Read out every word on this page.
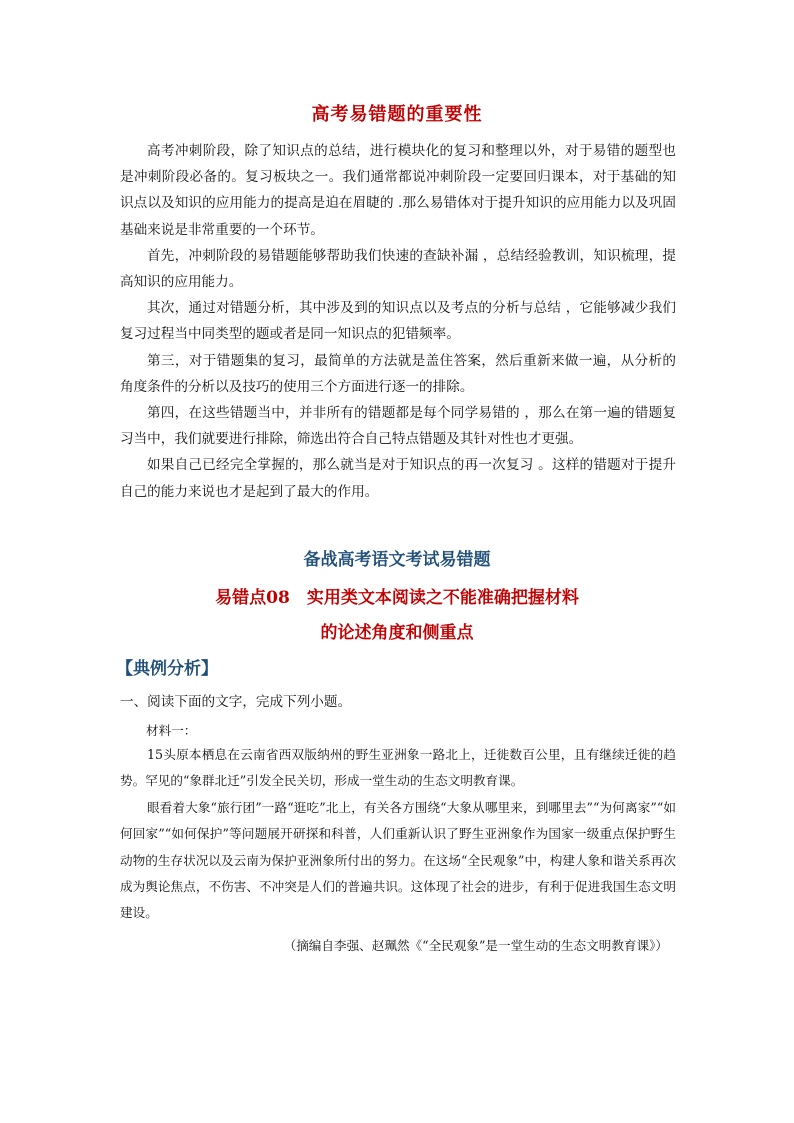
高考易错题的重要性

高考冲刺阶段，除了知识点的总结，进行模块化的复习和整理以外，对于易错的题型也是冲刺阶段必备的。复习板块之一。我们通常都说冲刺阶段一定要回归课本，对于基础的知识点以及知识的应用能力的提高是迫在眉睫的 .那么易错体对于提升知识的应用能力以及巩固基础来说是非常重要的一个环节。

首先，冲刺阶段的易错题能够帮助我们快速的查缺补漏 ，总结经验教训，知识梳理，提高知识的应用能力。

其次，通过对错题分析，其中涉及到的知识点以及考点的分析与总结 ，它能够减少我们复习过程当中同类型的题或者是同一知识点的犯错频率。

第三，对于错题集的复习，最简单的方法就是盖住答案，然后重新来做一遍，从分析的角度条件的分析以及技巧的使用三个方面进行逐一的排除。

第四，在这些错题当中，并非所有的错题都是每个同学易错的 ，那么在第一遍的错题复习当中，我们就要进行排除，筛选出符合自己特点错题及其针对性也才更强。

如果自己已经完全掌握的，那么就当是对于知识点的再一次复习 。这样的错题对于提升自己的能力来说也才是起到了最大的作用。

备战高考语文考试易错题
易错点08　实用类文本阅读之不能准确把握材料
的论述角度和侧重点
【典例分析】
一、阅读下面的文字，完成下列小题。
材料一：

15头原本栖息在云南省西双版纳州的野生亚洲象一路北上，迁徙数百公里，且有继续迁徙的趋势。罕见的“象群北迁”引发全民关切，形成一堂生动的生态文明教育课。

眼看着大象“旅行团”一路“逛吃”北上，有关各方围绕“大象从哪里来，到哪里去”“为何离家”“如何回家”“如何保护”等问题展开研探和科普，人们重新认识了野生亚洲象作为国家一级重点保护野生动物的生存状况以及云南为保护亚洲象所付出的努力。在这场“全民观象”中，构建人象和谐关系再次成为舆论焦点，不伤害、不冲突是人们的普遍共识。这体现了社会的进步，有利于促进我国生态文明建设。

（摘编自李强、赵珮然《“全民观象”是一堂生动的生态文明教育课》）
